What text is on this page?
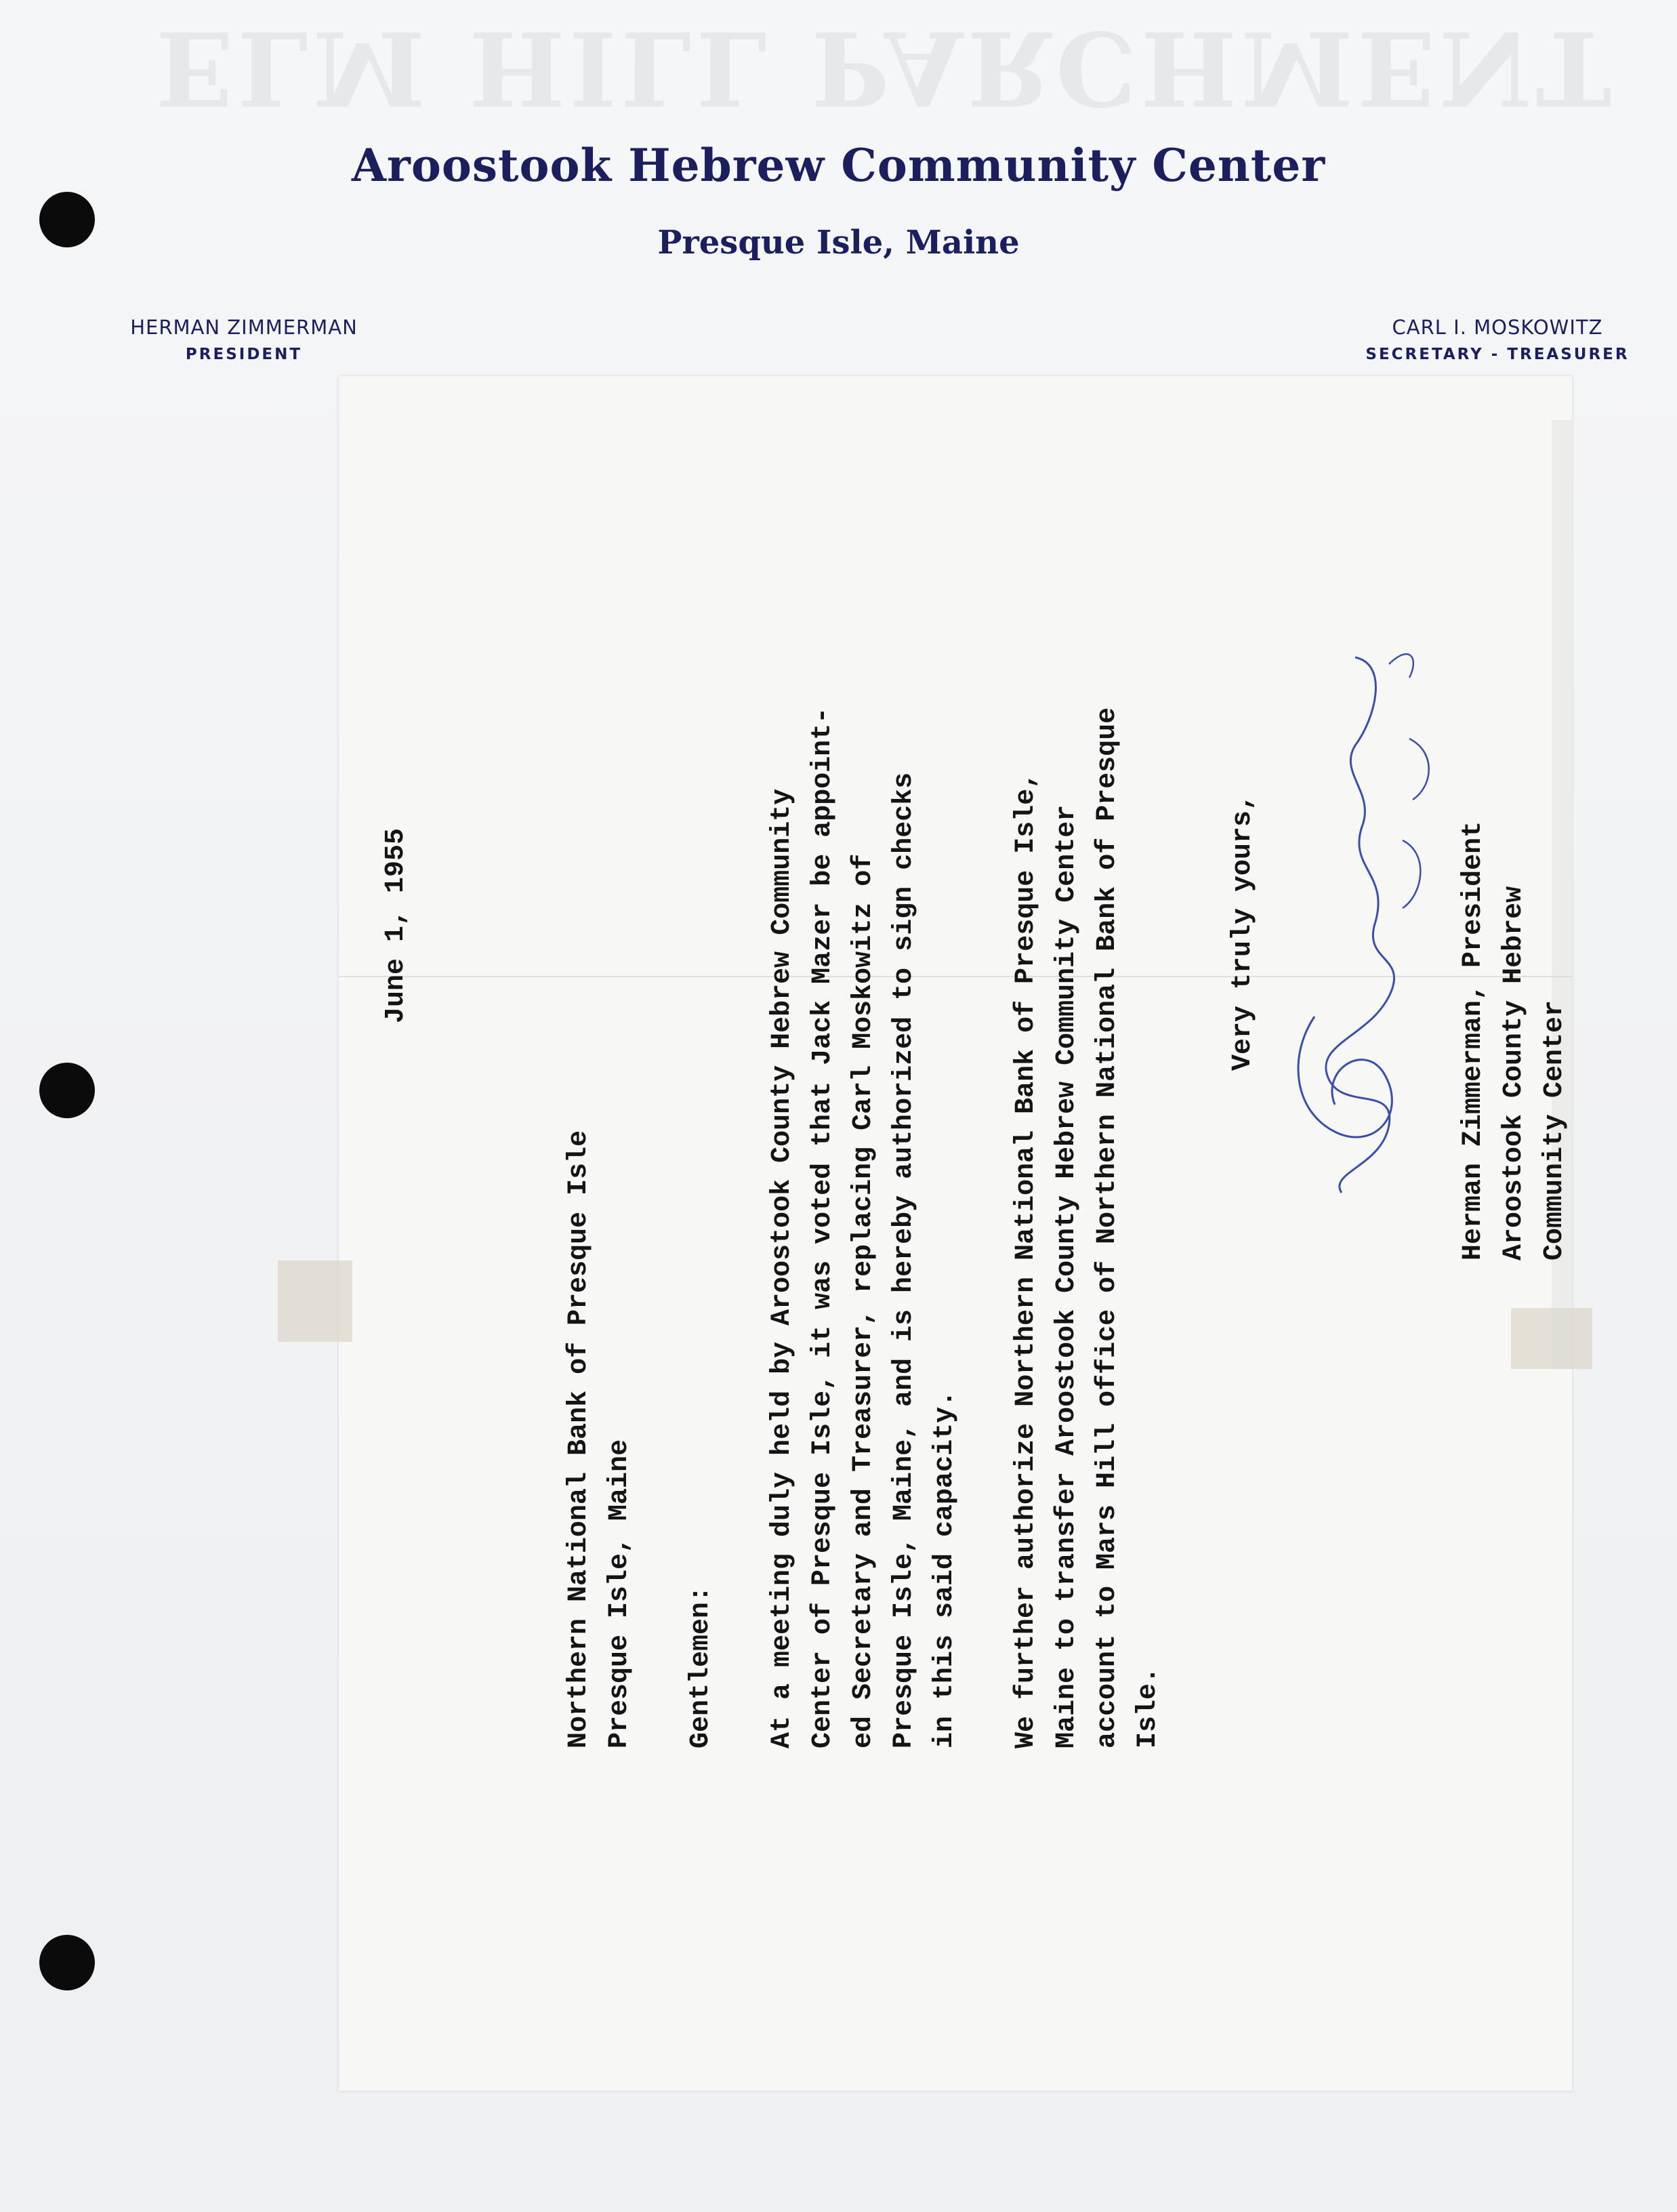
ELM HILL PARCHMENT
Aroostook Hebrew Community Center
Presque Isle, Maine
HERMAN ZIMMERMAN
PRESIDENT
CARL I. MOSKOWITZ
SECRETARY - TREASURER
June 1, 1955
Northern National Bank of Presque Isle Presque Isle, Maine Gentlemen: At a meeting duly held by Aroostook County Hebrew Community Center of Presque Isle, it was voted that Jack Mazer be appoint- ed Secretary and Treasurer, replacing Carl Moskowitz of Presque Isle, Maine, and is hereby authorized to sign checks in this said capacity. We further authorize Northern National Bank of Presque Isle, Maine to transfer Aroostook County Hebrew Community Center account to Mars Hill office of Northern National Bank of Presque Isle.
Very truly yours,	Herman Zimmerman, President Aroostook County Hebrew Community Center
